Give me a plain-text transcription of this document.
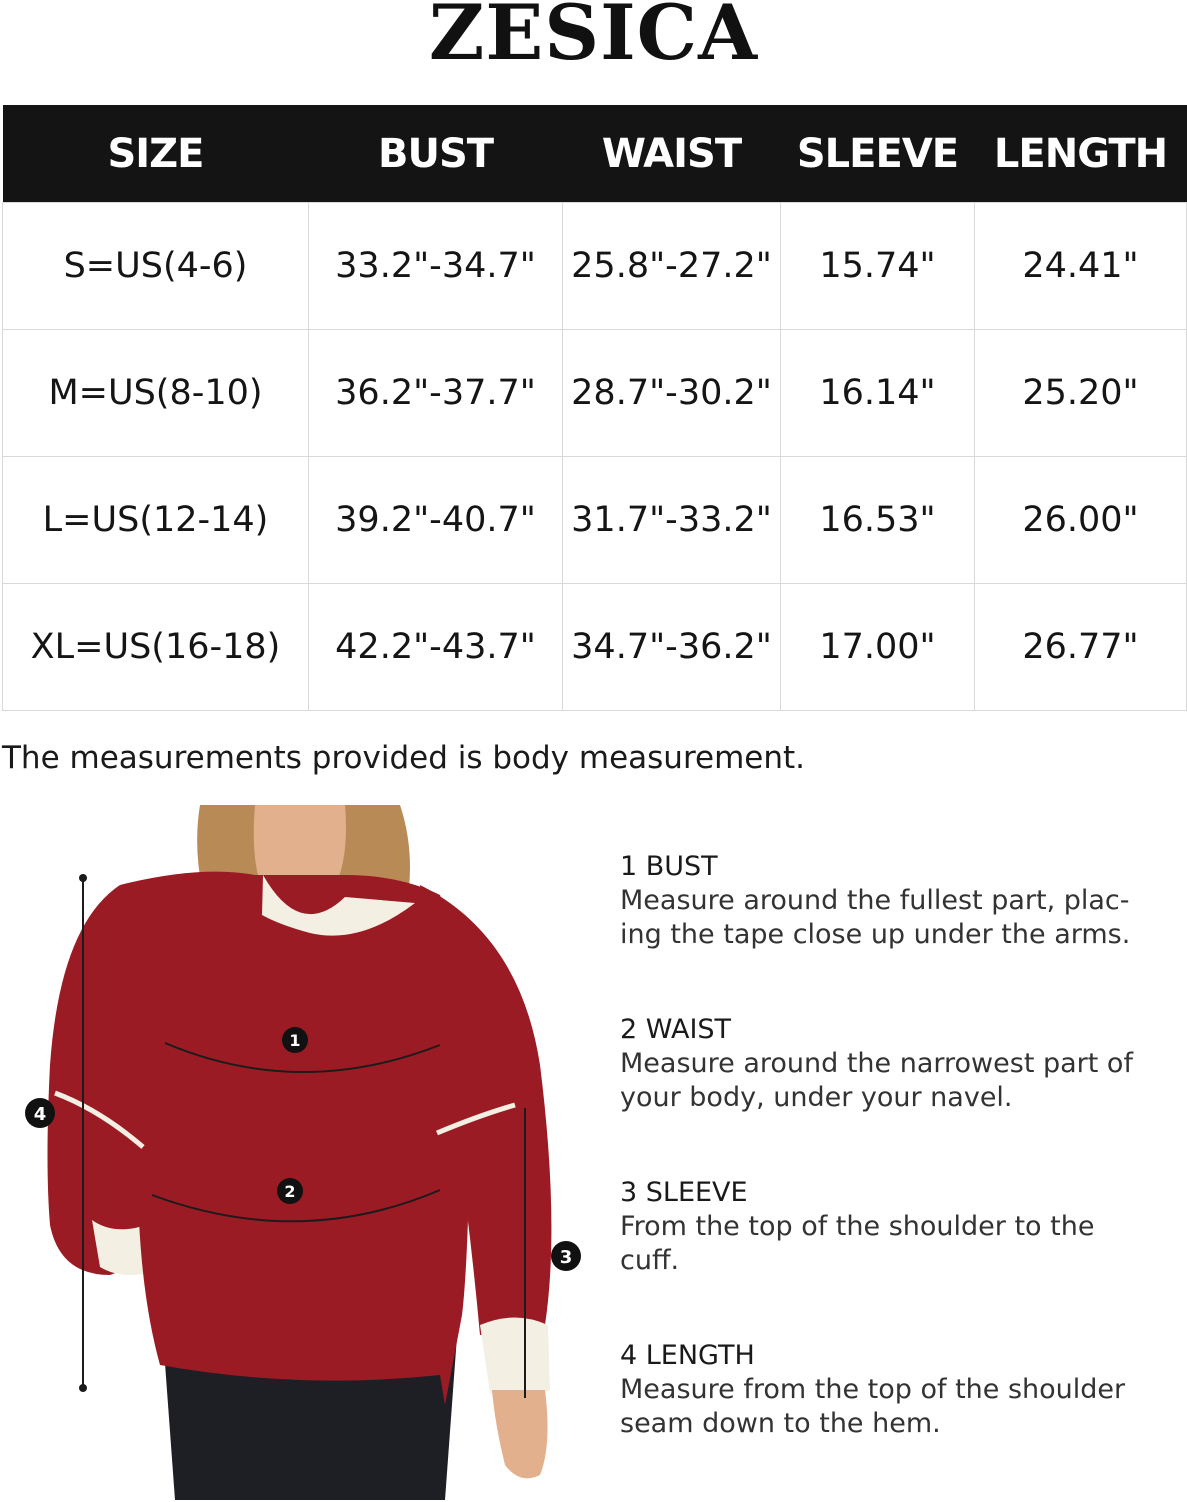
ZESICA
SIZE	BUST	WAIST	SLEEVE	LENGTH
S=US(4-6)	33.2"-34.7"	25.8"-27.2"	15.74"	24.41"
M=US(8-10)	36.2"-37.7"	28.7"-30.2"	16.14"	25.20"
L=US(12-14)	39.2"-40.7"	31.7"-33.2"	16.53"	26.00"
XL=US(16-18)	42.2"-43.7"	34.7"-36.2"	17.00"	26.77"
The measurements provided is body measurement.
1
2
3
4
1 BUST
Measure around the fullest part, plac-ing the tape close up under the arms.
2 WAIST
Measure around the narrowest part of your body, under your navel.
3 SLEEVE
From the top of the shoulder to the cuff.
4 LENGTH
Measure from the top of the shoulder seam down to the hem.
